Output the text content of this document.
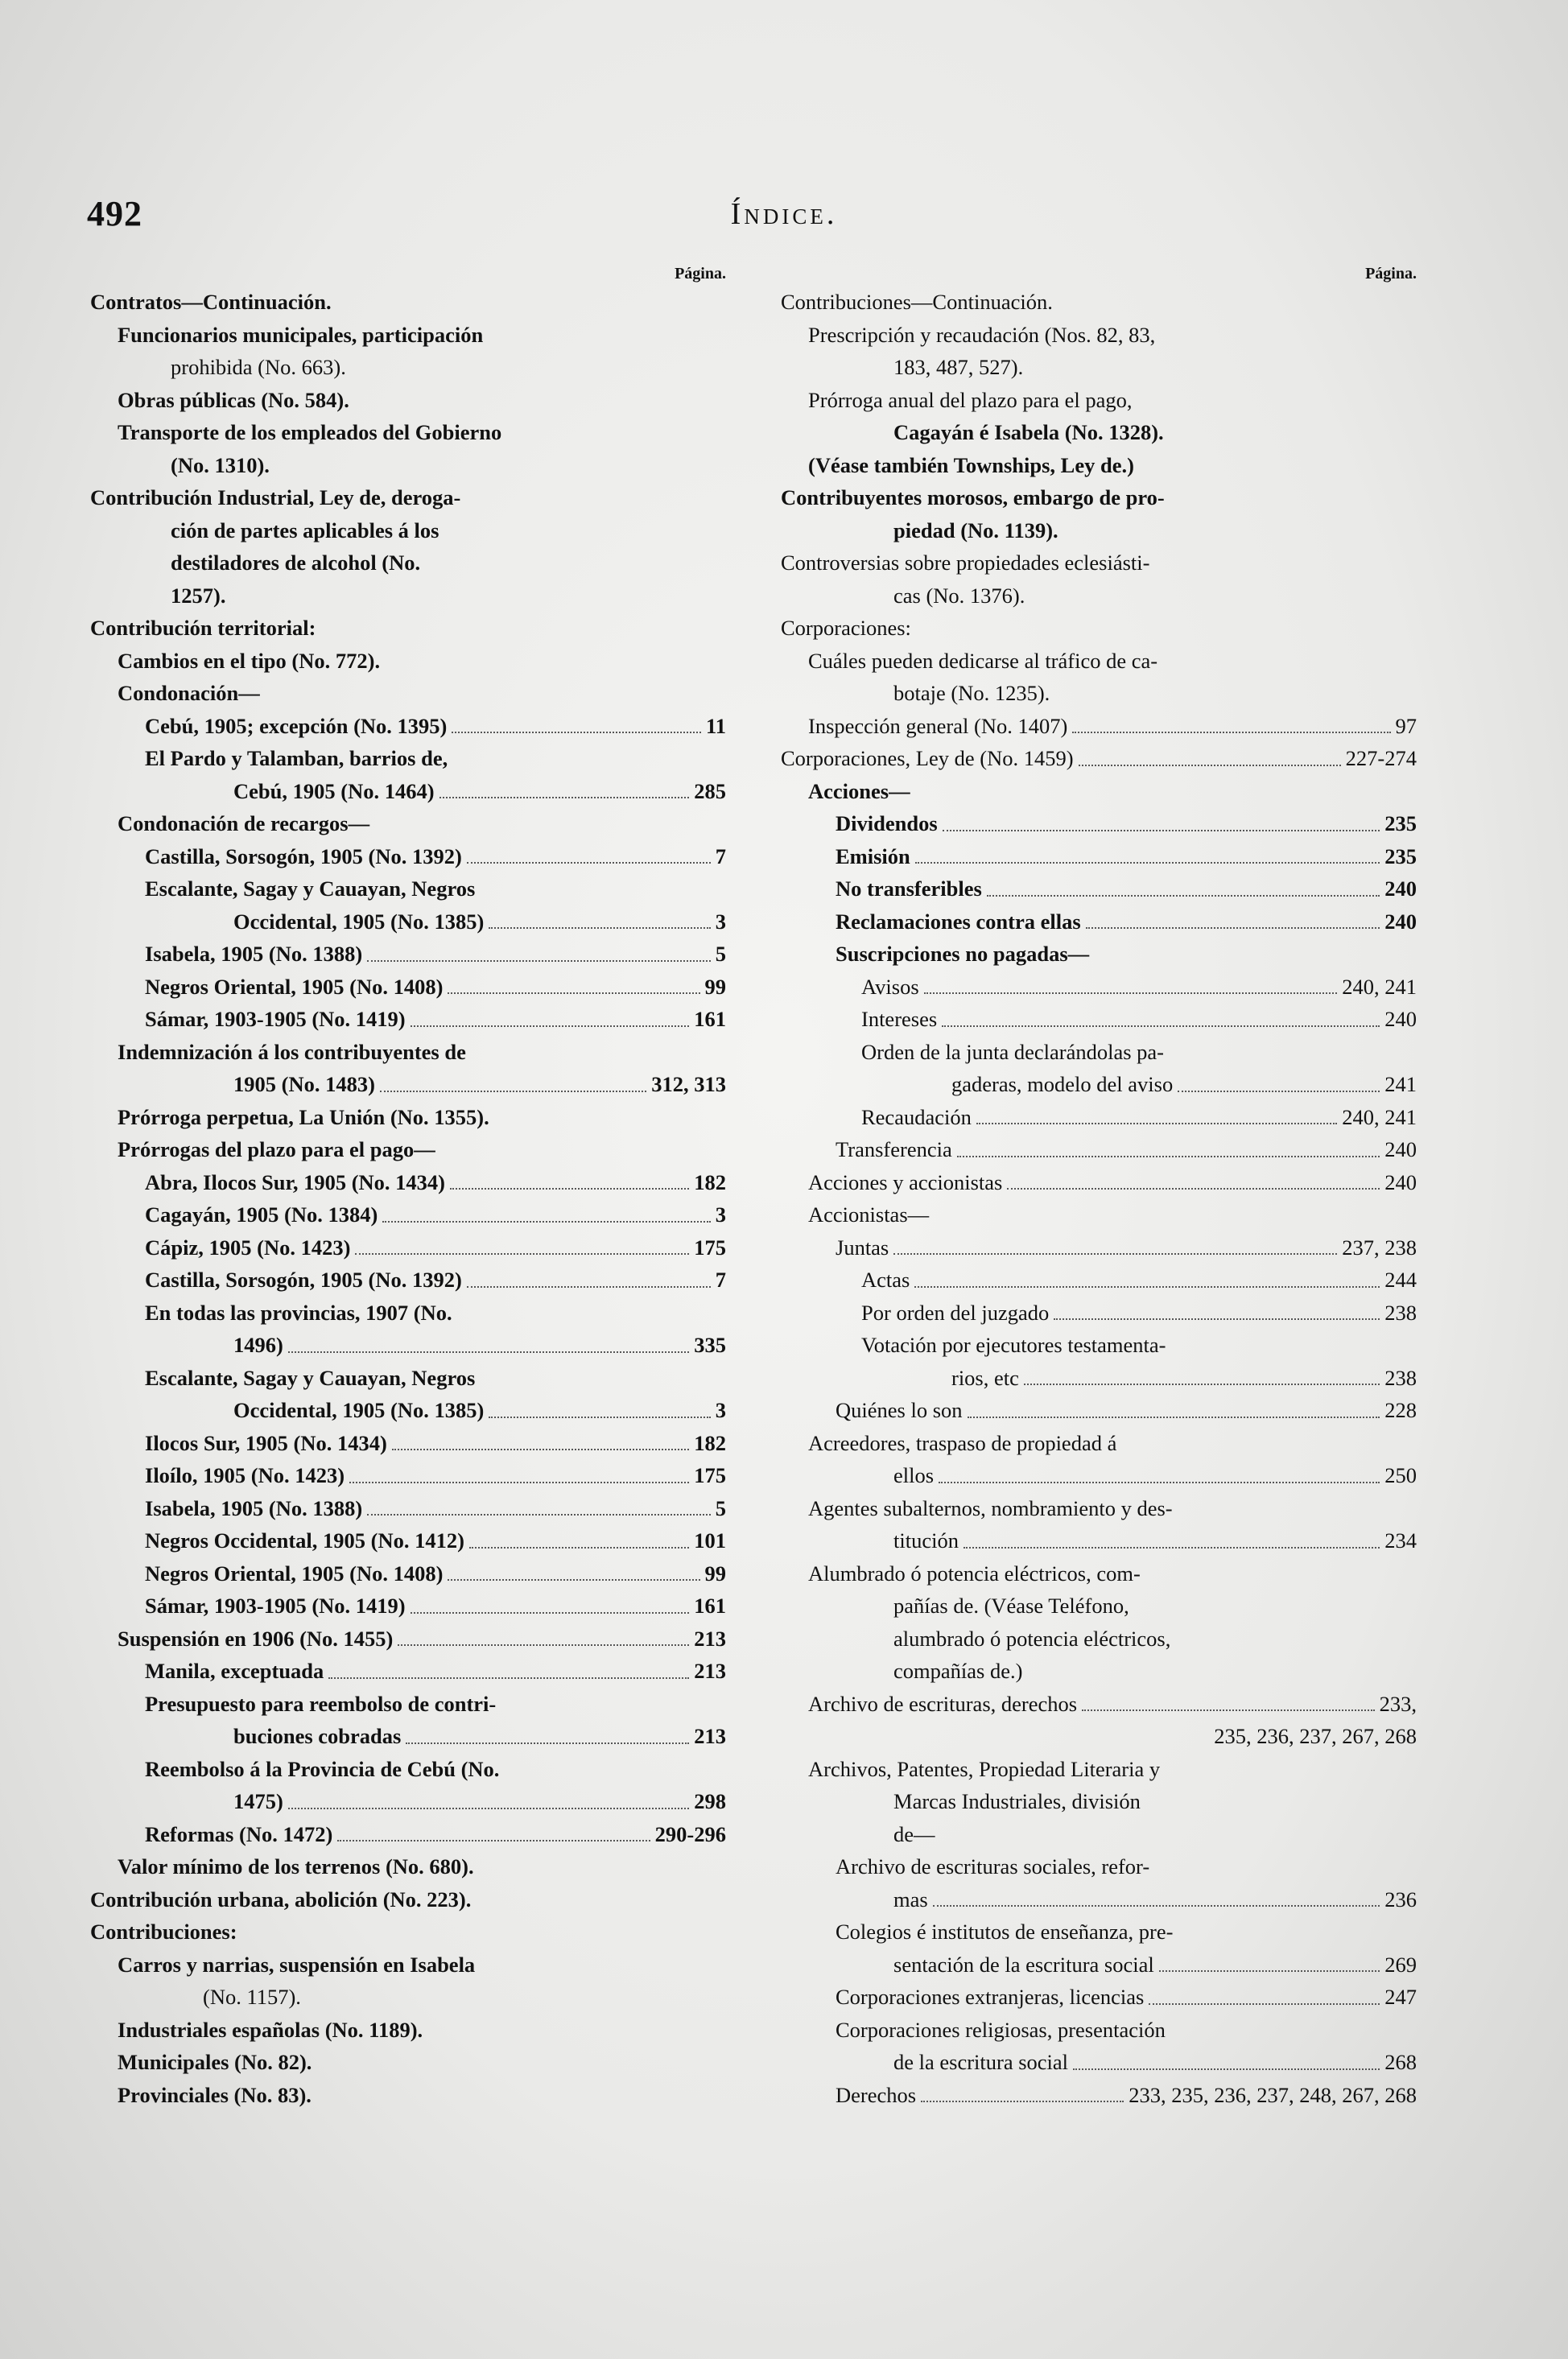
492	Índice.
Página.
Contratos—Continuación.
Funcionarios municipales, participación
prohibida (No. 663).
Obras públicas (No. 584).
Transporte de los empleados del Gobierno
(No. 1310).
Contribución Industrial, Ley de, deroga-
ción de partes aplicables á los
destiladores de alcohol (No.
1257).
Contribución territorial:
Cambios en el tipo (No. 772).
Condonación—
Cebú, 1905; excepción (No. 1395)	11
El Pardo y Talamban, barrios de,
Cebú, 1905 (No. 1464)	285
Condonación de recargos—
Castilla, Sorsogón, 1905 (No. 1392)	7
Escalante, Sagay y Cauayan, Negros
Occidental, 1905 (No. 1385)	3
Isabela, 1905 (No. 1388)	5
Negros Oriental, 1905 (No. 1408)	99
Sámar, 1903-1905 (No. 1419)	161
Indemnización á los contribuyentes de
1905 (No. 1483)	312, 313
Prórroga perpetua, La Unión (No. 1355).
Prórrogas del plazo para el pago—
Abra, Ilocos Sur, 1905 (No. 1434)	182
Cagayán, 1905 (No. 1384)	3
Cápiz, 1905 (No. 1423)	175
Castilla, Sorsogón, 1905 (No. 1392)	7
En todas las provincias, 1907 (No.
1496)	335
Escalante, Sagay y Cauayan, Negros
Occidental, 1905 (No. 1385)	3
Ilocos Sur, 1905 (No. 1434)	182
Iloílo, 1905 (No. 1423)	175
Isabela, 1905 (No. 1388)	5
Negros Occidental, 1905 (No. 1412)	101
Negros Oriental, 1905 (No. 1408)	99
Sámar, 1903-1905 (No. 1419)	161
Suspensión en 1906 (No. 1455)	213
Manila, exceptuada	213
Presupuesto para reembolso de contri-
buciones cobradas	213
Reembolso á la Provincia de Cebú (No.
1475)	298
Reformas (No. 1472)	290-296
Valor mínimo de los terrenos (No. 680).
Contribución urbana, abolición (No. 223).
Contribuciones:
Carros y narrias, suspensión en Isabela
(No. 1157).
Industriales españolas (No. 1189).
Municipales (No. 82).
Provinciales (No. 83).
Página.
Contribuciones—Continuación.
Prescripción y recaudación (Nos. 82, 83,
183, 487, 527).
Prórroga anual del plazo para el pago,
Cagayán é Isabela (No. 1328).
(Véase también Townships, Ley de.)
Contribuyentes morosos, embargo de pro-
piedad (No. 1139).
Controversias sobre propiedades eclesiásti-
cas (No. 1376).
Corporaciones:
Cuáles pueden dedicarse al tráfico de ca-
botaje (No. 1235).
Inspección general (No. 1407)	97
Corporaciones, Ley de (No. 1459)	227-274
Acciones—
Dividendos	235
Emisión	235
No transferibles	240
Reclamaciones contra ellas	240
Suscripciones no pagadas—
Avisos	240, 241
Intereses	240
Orden de la junta declarándolas pa-
gaderas, modelo del aviso	241
Recaudación	240, 241
Transferencia	240
Acciones y accionistas	240
Accionistas—
Juntas	237, 238
Actas	244
Por orden del juzgado	238
Votación por ejecutores testamenta-
rios, etc	238
Quiénes lo son	228
Acreedores, traspaso de propiedad á
ellos	250
Agentes subalternos, nombramiento y des-
titución	234
Alumbrado ó potencia eléctricos, com-
pañías de. (Véase Teléfono,
alumbrado ó potencia eléctricos,
compañías de.)
Archivo de escrituras, derechos	233,
235, 236, 237, 267, 268
Archivos, Patentes, Propiedad Literaria y
Marcas Industriales, división
de—
Archivo de escrituras sociales, refor-
mas	236
Colegios é institutos de enseñanza, pre-
sentación de la escritura social	269
Corporaciones extranjeras, licencias	247
Corporaciones religiosas, presentación
de la escritura social	268
Derechos	233, 235, 236, 237, 248, 267, 268
